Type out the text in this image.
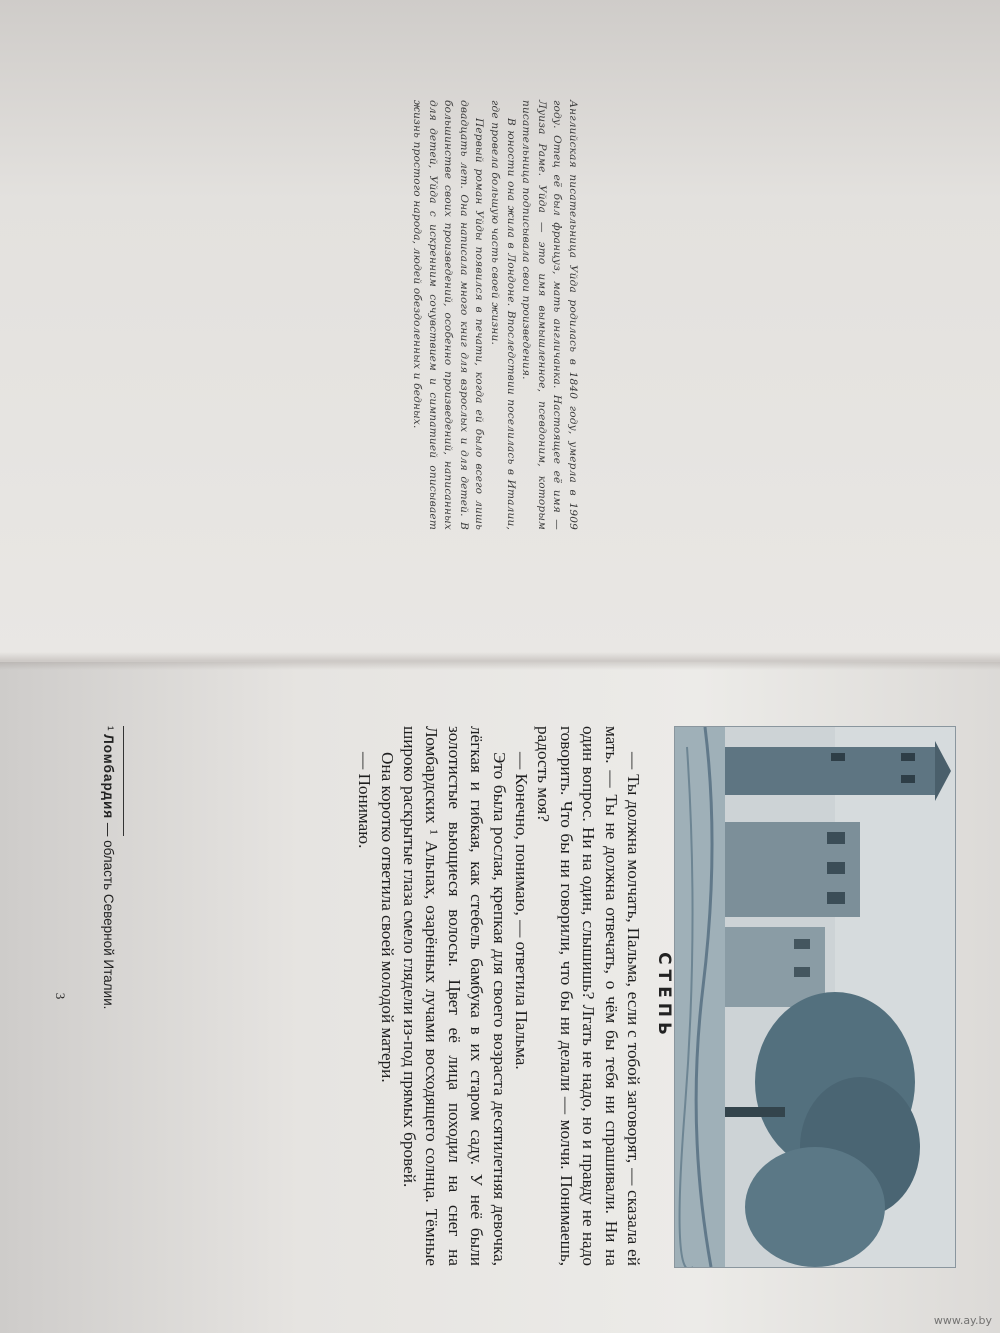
Английская писательница Уйда родилась в 1840 году, умерла в 1909 году. Отец её был француз, мать англичанка. Настоящее её имя — Луиза Раме. Уйда — это имя вымышленное, псевдоним, которым писательница подписывала свои произведения.

В юности она жила в Лондоне. Впоследствии поселилась в Италии, где провела большую часть своей жизни.

Первый роман Уйды появился в печати, когда ей было всего лишь двадцать лет. Она написала много книг для взрослых и для детей. В большинстве своих произведений, особенно произведений, написанных для детей, Уйда с искренним сочувствием и симпатией описывает жизнь простого народа, людей обездоленных и бедных.

СТЕПЬ

— Ты должна молчать, Пальма, если с тобой заговорят, — сказала ей мать. — Ты не должна отвечать, о чём бы тебя ни спрашивали. Ни на один вопрос. Ни на один, слышишь? Лгать не надо, но и правду не надо говорить. Что бы ни говорили, что бы ни делали — молчи. Понимаешь, радость моя?

— Конечно, понимаю, — ответила Пальма.

Это была рослая, крепкая для своего возраста десятилетняя девочка, лёгкая и гибкая, как стебель бамбука в их старом саду. У неё были золотистые вьющиеся волосы. Цвет её лица походил на снег на Ломбардских ¹ Альпах, озарённых лучами восходящего солнца. Тёмные широко раскрытые глаза смело глядели из-под прямых бровей.

Она коротко ответила своей молодой матери.

— Понимаю.

¹ Ломбардия — область Северной Италии.
3
www.ay.by
